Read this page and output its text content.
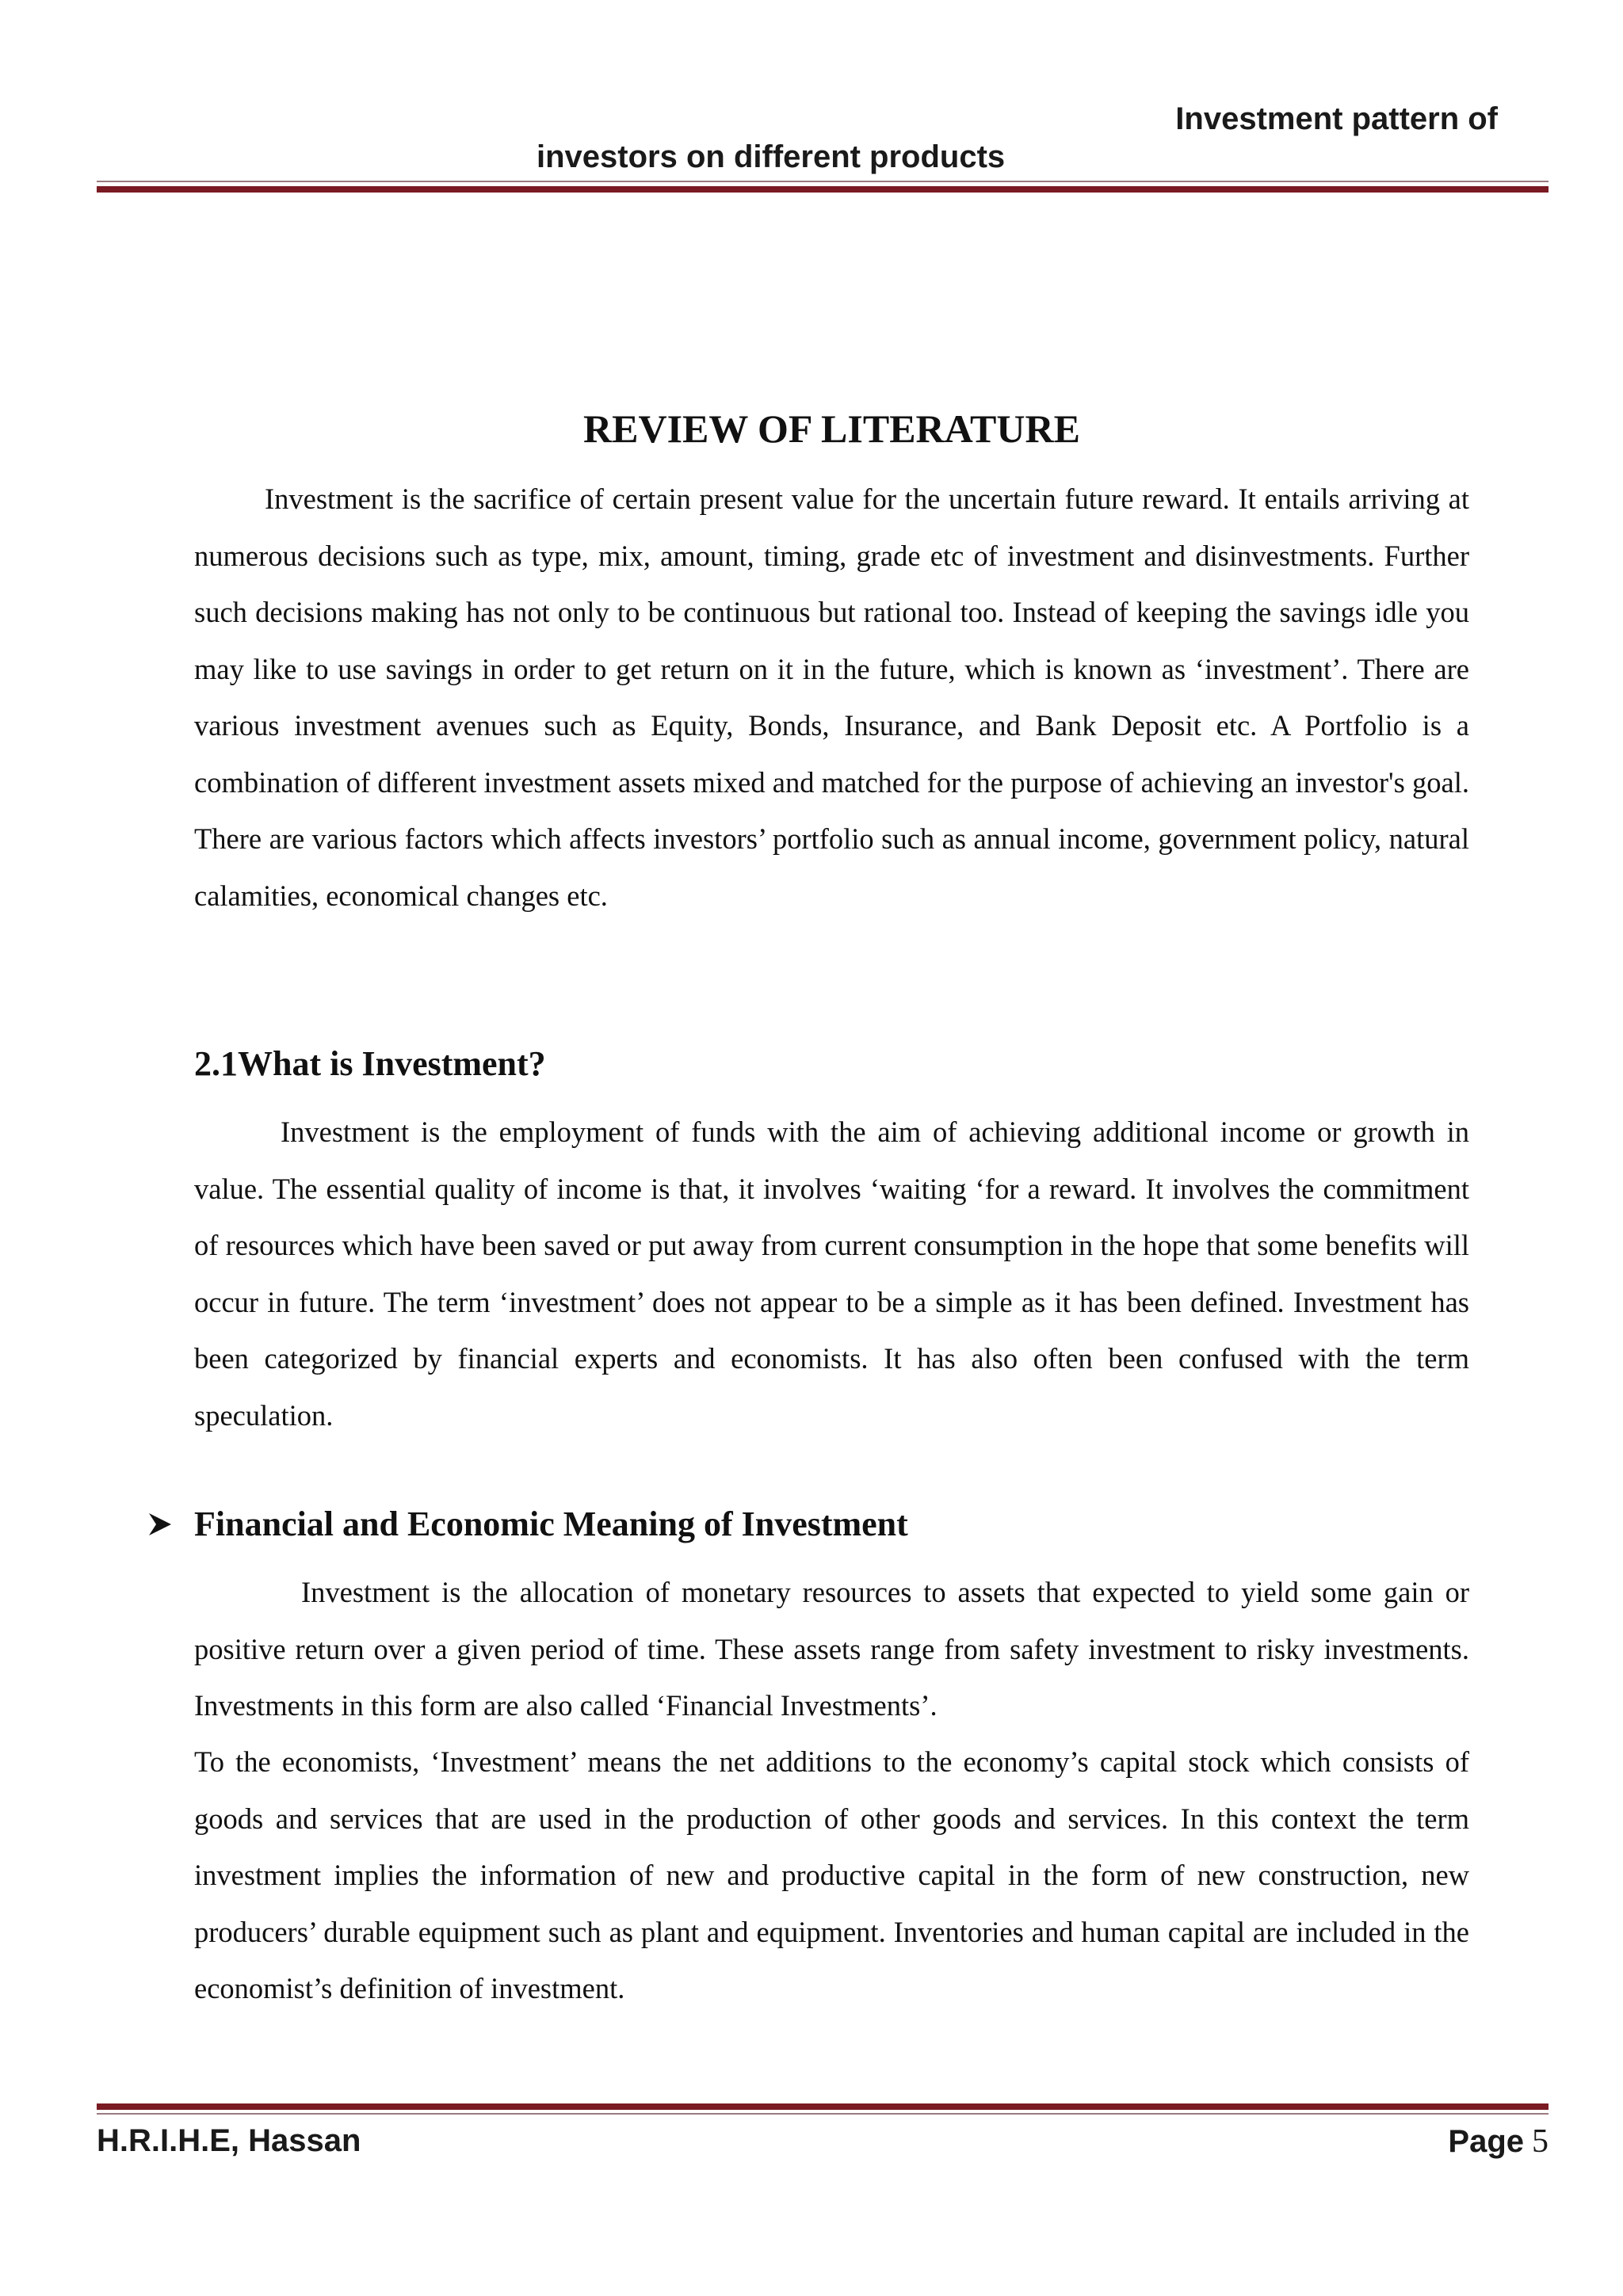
Investment pattern of
investors on different products
REVIEW OF LITERATURE

Investment is the sacrifice of certain present value for the uncertain future reward. It entails arriving at numerous decisions such as type, mix, amount, timing, grade etc of investment and disinvestments. Further such decisions making has not only to be continuous but rational too. Instead of keeping the savings idle you may like to use savings in order to get return on it in the future, which is known as ‘investment’. There are various investment avenues such as Equity, Bonds, Insurance, and Bank Deposit etc. A Portfolio is a combination of different investment assets mixed and matched for the purpose of achieving an investor's goal. There are various factors which affects investors’ portfolio such as annual income, government policy, natural calamities, economical changes etc.

2.1What is Investment?

Investment is the employment of funds with the aim of achieving additional income or growth in value. The essential quality of income is that, it involves ‘waiting ‘for a reward. It involves the commitment of resources which have been saved or put away from current consumption in the hope that some benefits will occur in future. The term ‘investment’ does not appear to be a simple as it has been defined. Investment has been categorized by financial experts and economists. It has also often been confused with the term speculation.

Financial and Economic Meaning of Investment

Investment is the allocation of monetary resources to assets that expected to yield some gain or positive return over a given period of time. These assets range from safety investment to risky investments. Investments in this form are also called ‘Financial Investments’.

To the economists, ‘Investment’ means the net additions to the economy’s capital stock which consists of goods and services that are used in the production of other goods and services. In this context the term investment implies the information of new and productive capital in the form of new construction, new producers’ durable equipment such as plant and equipment. Inventories and human capital are included in the economist’s definition of investment.

H.R.I.H.E, Hassan	Page 5
